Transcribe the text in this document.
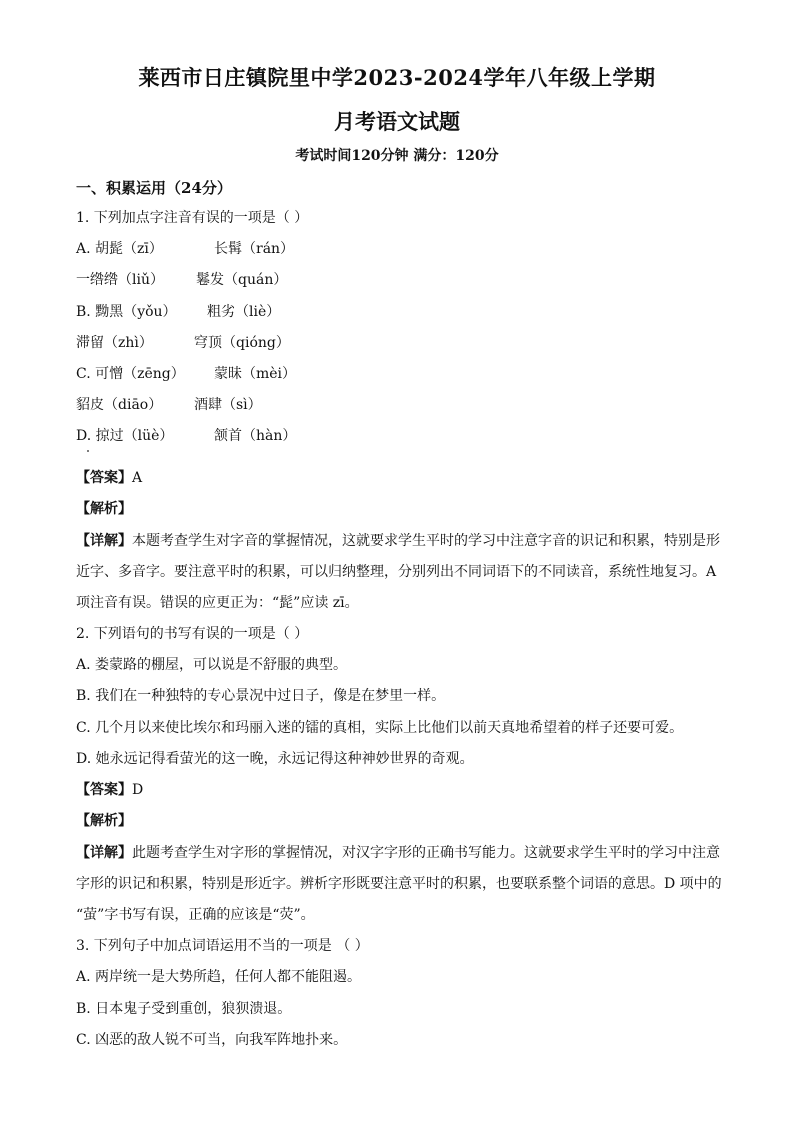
莱西市日庄镇院里中学2023-2024学年八年级上学期
月考语文试题
考试时间120分钟 满分：120分
一、积累运用（24分）
1. 下列加点字注音有误的一项是（ ）
A. 胡髭（zī）	长髯（rán）
一绺绺（liǔ） 鬈发（quán）
B. 黝黑（yǒu） 粗劣（liè）
滞留（zhì）	穹顶（qióng）
C. 可憎（zēng） 蒙昧（mèi）
貂皮（diāo） 酒肆（sì）
D. 掠过（lüè）	颔首（hàn）
【答案】A
【解析】
【详解】本题考查学生对字音的掌握情况，这就要求学生平时的学习中注意字音的识记和积累，特别是形
近字、多音字。要注意平时的积累，可以归纳整理，分别列出不同词语下的不同读音，系统性地复习。A
项注音有误。错误的应更正为：“髭”应读 zī。
2. 下列语句的书写有误的一项是（ ）
A. 娄蒙路的棚屋，可以说是不舒服的典型。
B. 我们在一种独特的专心景况中过日子，像是在梦里一样。
C. 几个月以来使比埃尔和玛丽入迷的镭的真相，实际上比他们以前天真地希望着的样子还要可爱。
D. 她永远记得看萤光的这一晚，永远记得这种神妙世界的奇观。
【答案】D
【解析】
【详解】此题考查学生对字形的掌握情况，对汉字字形的正确书写能力。这就要求学生平时的学习中注意
字形的识记和积累，特别是形近字。辨析字形既要注意平时的积累，也要联系整个词语的意思。D 项中的
“萤”字书写有误，正确的应该是“荧”。
3. 下列句子中加点词语运用不当的一项是 （ ）
A. 两岸统一是大势所趋，任何人都不能阻遏。
B. 日本鬼子受到重创，狼狈溃退。
C. 凶恶的敌人锐不可当，向我军阵地扑来。
